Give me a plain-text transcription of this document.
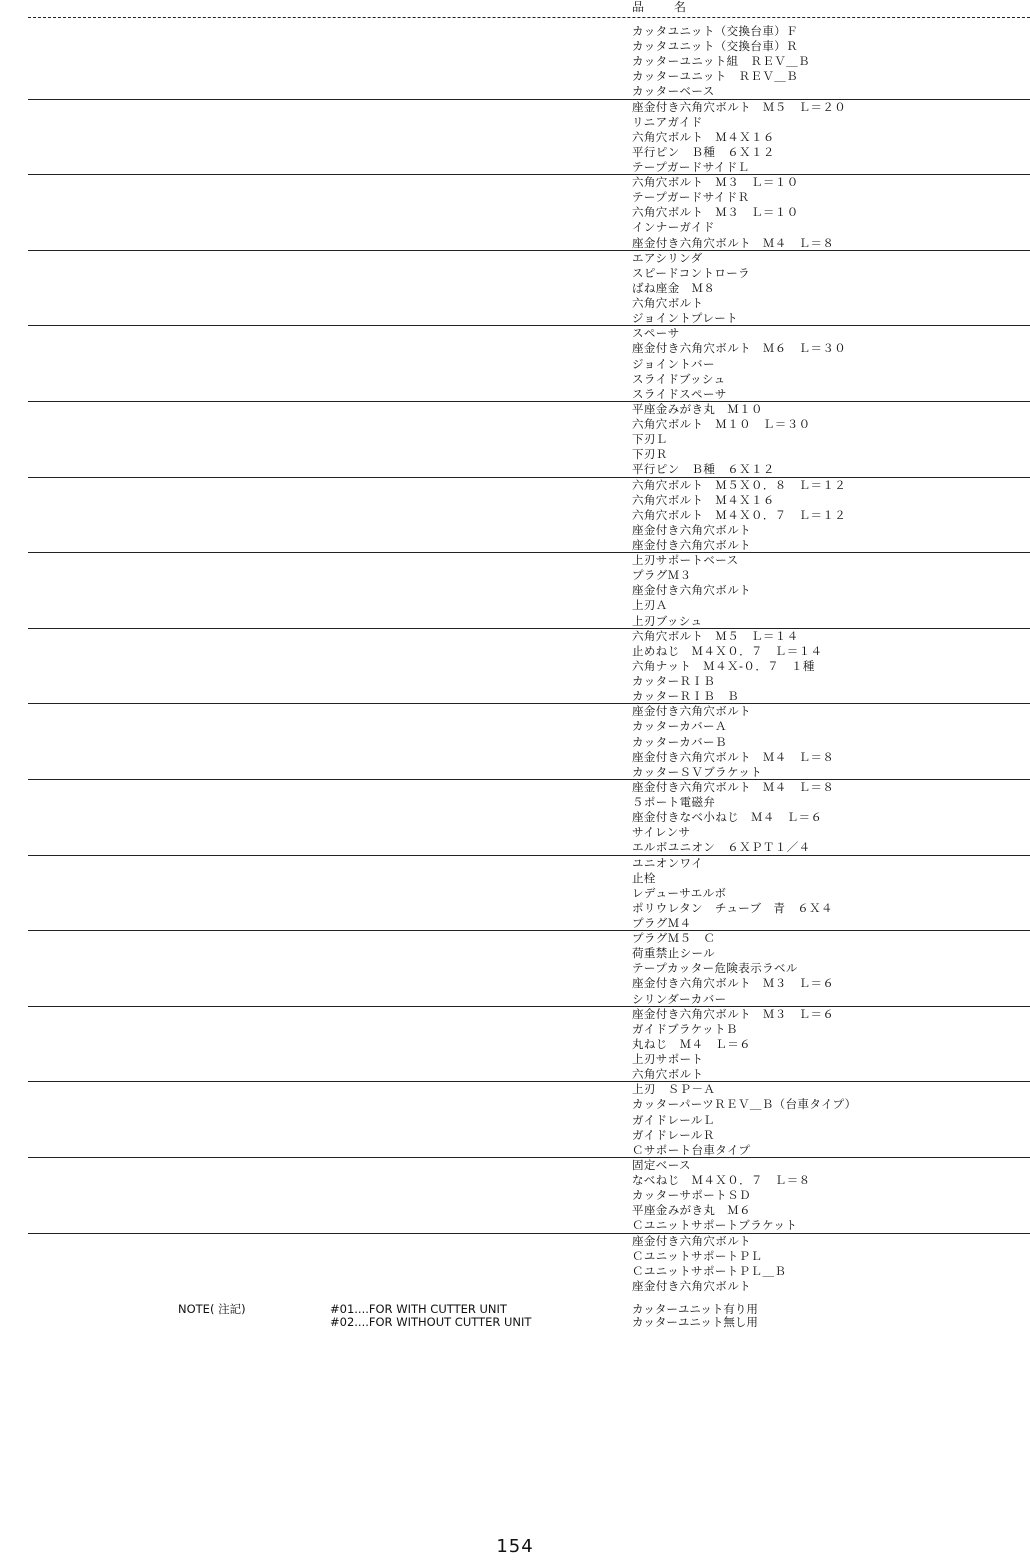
品　名
カッタユニット（交換台車）Ｆ
カッタユニット（交換台車）Ｒ
カッターユニット組　ＲＥＶ＿Ｂ
カッターユニット　ＲＥＶ＿Ｂ
カッターベース
座金付き六角穴ボルト　Ｍ５　Ｌ＝２０
リニアガイド
六角穴ボルト　Ｍ４Ｘ１６
平行ピン　Ｂ種　６Ｘ１２
テープガードサイドＬ
六角穴ボルト　Ｍ３　Ｌ＝１０
テープガードサイドＲ
六角穴ボルト　Ｍ３　Ｌ＝１０
インナーガイド
座金付き六角穴ボルト　Ｍ４　Ｌ＝８
エアシリンダ
スピードコントローラ
ばね座金　Ｍ８
六角穴ボルト
ジョイントプレート
スペーサ
座金付き六角穴ボルト　Ｍ６　Ｌ＝３０
ジョイントバー
スライドブッシュ
スライドスペーサ
平座金みがき丸　Ｍ１０
六角穴ボルト　Ｍ１０　Ｌ＝３０
下刃Ｌ
下刃Ｒ
平行ピン　Ｂ種　６Ｘ１２
六角穴ボルト　Ｍ５Ｘ０．８　Ｌ＝１２
六角穴ボルト　Ｍ４Ｘ１６
六角穴ボルト　Ｍ４Ｘ０．７　Ｌ＝１２
座金付き六角穴ボルト
座金付き六角穴ボルト
上刃サポートベース
プラグＭ３
座金付き六角穴ボルト
上刃Ａ
上刃ブッシュ
六角穴ボルト　Ｍ５　Ｌ＝１４
止めねじ　Ｍ４Ｘ０．７　Ｌ＝１４
六角ナット　Ｍ４Ｘ-０．７　１種
カッターＲＩＢ
カッターＲＩＢ　Ｂ
座金付き六角穴ボルト
カッターカバーＡ
カッターカバーＢ
座金付き六角穴ボルト　Ｍ４　Ｌ＝８
カッターＳＶブラケット
座金付き六角穴ボルト　Ｍ４　Ｌ＝８
５ポート電磁弁
座金付きなべ小ねじ　Ｍ４　Ｌ＝６
サイレンサ
エルボユニオン　６ＸＰＴ１／４
ユニオンワイ
止栓
レデューサエルボ
ポリウレタン　チューブ　青　６Ｘ４
プラグＭ４
プラグＭ５　Ｃ
荷重禁止シール
テープカッター危険表示ラベル
座金付き六角穴ボルト　Ｍ３　Ｌ＝６
シリンダーカバー
座金付き六角穴ボルト　Ｍ３　Ｌ＝６
ガイドブラケットＢ
丸ねじ　Ｍ４　Ｌ＝６
上刃サポート
六角穴ボルト
上刃　ＳＰ－Ａ
カッターパーツＲＥＶ＿Ｂ（台車タイプ）
ガイドレールＬ
ガイドレールＲ
Ｃサポート台車タイプ
固定ベース
なべねじ　Ｍ４Ｘ０．７　Ｌ＝８
カッターサポートＳＤ
平座金みがき丸　Ｍ６
Ｃユニットサポートブラケット
座金付き六角穴ボルト
ＣユニットサポートＰＬ
ＣユニットサポートＰＬ＿Ｂ
座金付き六角穴ボルト
NOTE( 注記)	#01....FOR WITH CUTTER UNIT
#02....FOR WITHOUT CUTTER UNIT
カッターユニット有り用
カッターユニット無し用
154
